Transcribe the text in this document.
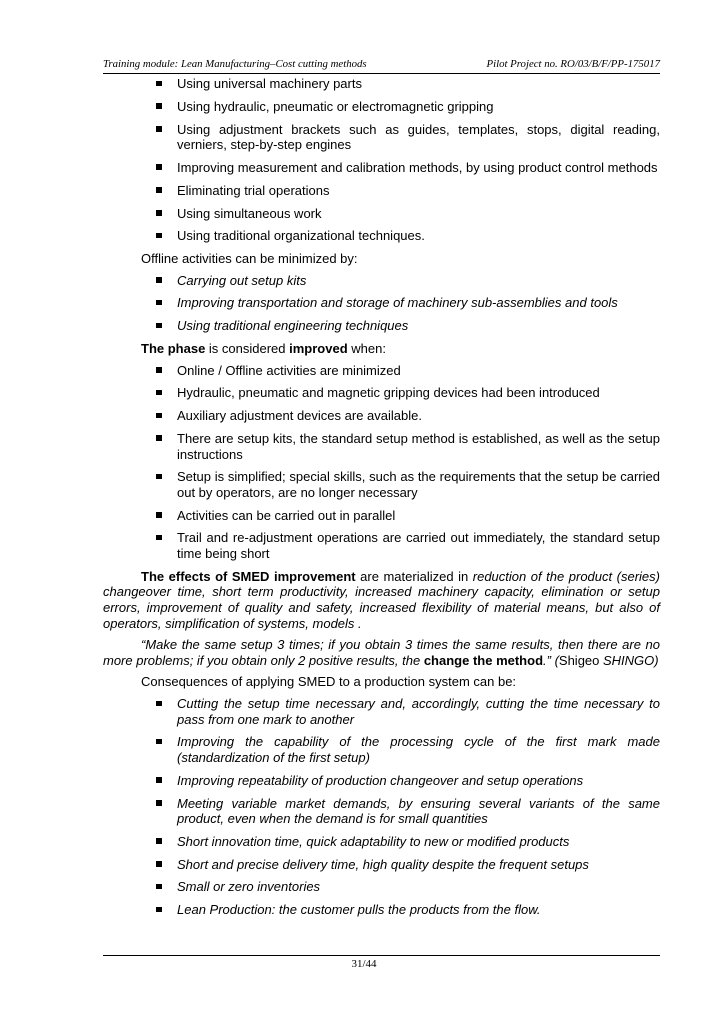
Training module: Lean Manufacturing–Cost cutting methods	Pilot Project no. RO/03/B/F/PP-175017
Using universal machinery parts
Using hydraulic, pneumatic or electromagnetic gripping
Using adjustment brackets such as guides, templates, stops, digital reading, verniers, step-by-step engines
Improving measurement and calibration methods, by using product control methods
Eliminating trial operations
Using simultaneous work
Using traditional organizational techniques.
Offline activities can be minimized by:
Carrying out setup kits
Improving transportation and storage of machinery sub-assemblies and tools
Using traditional engineering techniques
The phase is considered improved when:
Online / Offline activities are minimized
Hydraulic, pneumatic and magnetic gripping devices had been introduced
Auxiliary adjustment devices are available.
There are setup kits, the standard setup method is established, as well as the setup instructions
Setup is simplified; special skills, such as the requirements that the setup be carried out by operators, are no longer necessary
Activities can be carried out in parallel
Trail and re-adjustment operations are carried out immediately, the standard setup time being short
The effects of SMED improvement are materialized in reduction of the product (series) changeover time, short term productivity, increased machinery capacity, elimination or setup errors, improvement of quality and safety, increased flexibility of material means, but also of operators, simplification of systems, models .
“Make the same setup 3 times; if you obtain 3 times the same results, then there are no more problems; if you obtain only 2 positive results, the change the method.” (Shigeo SHINGO)
Consequences of applying SMED to a production system can be:
Cutting the setup time necessary and, accordingly, cutting the time necessary to pass from one mark to another
Improving the capability of the processing cycle of the first mark made (standardization of the first setup)
Improving repeatability of production changeover and setup operations
Meeting variable market demands, by ensuring several variants of the same product, even when the demand is for small quantities
Short innovation time, quick adaptability to new or modified products
Short and precise delivery time, high quality despite the frequent setups
Small or zero inventories
Lean Production: the customer pulls the products from the flow.
31/44
